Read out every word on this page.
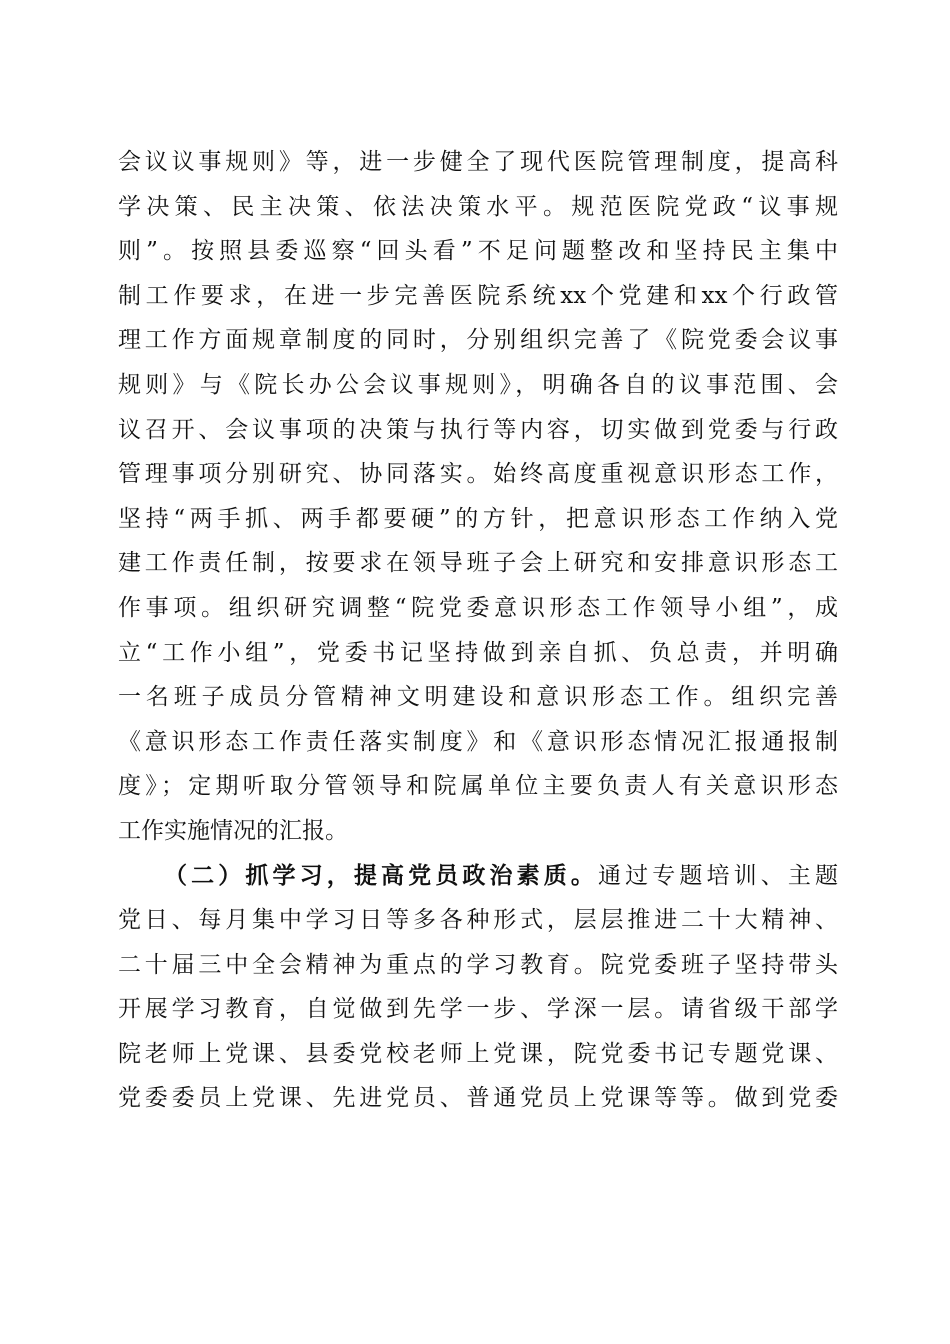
会议议事规则》等，进一步健全了现代医院管理制度，提高科
学决策、民主决策、依法决策水平。规范医院党政“议事规
则”。按照县委巡察“回头看”不足问题整改和坚持民主集中
制工作要求，在进一步完善医院系统xx个党建和xx个行政管
理工作方面规章制度的同时，分别组织完善了《院党委会议事
规则》与《院长办公会议事规则》，明确各自的议事范围、会
议召开、会议事项的决策与执行等内容，切实做到党委与行政
管理事项分别研究、协同落实。始终高度重视意识形态工作，
坚持“两手抓、两手都要硬”的方针，把意识形态工作纳入党
建工作责任制，按要求在领导班子会上研究和安排意识形态工
作事项。组织研究调整“院党委意识形态工作领导小组”，成
立“工作小组”，党委书记坚持做到亲自抓、负总责，并明确
一名班子成员分管精神文明建设和意识形态工作。组织完善
《意识形态工作责任落实制度》和《意识形态情况汇报通报制
度》；定期听取分管领导和院属单位主要负责人有关意识形态
工作实施情况的汇报。
（二）抓学习，提高党员政治素质。通过专题培训、主题
党日、每月集中学习日等多各种形式，层层推进二十大精神、
二十届三中全会精神为重点的学习教育。院党委班子坚持带头
开展学习教育，自觉做到先学一步、学深一层。请省级干部学
院老师上党课、县委党校老师上党课，院党委书记专题党课、
党委委员上党课、先进党员、普通党员上党课等等。做到党委
